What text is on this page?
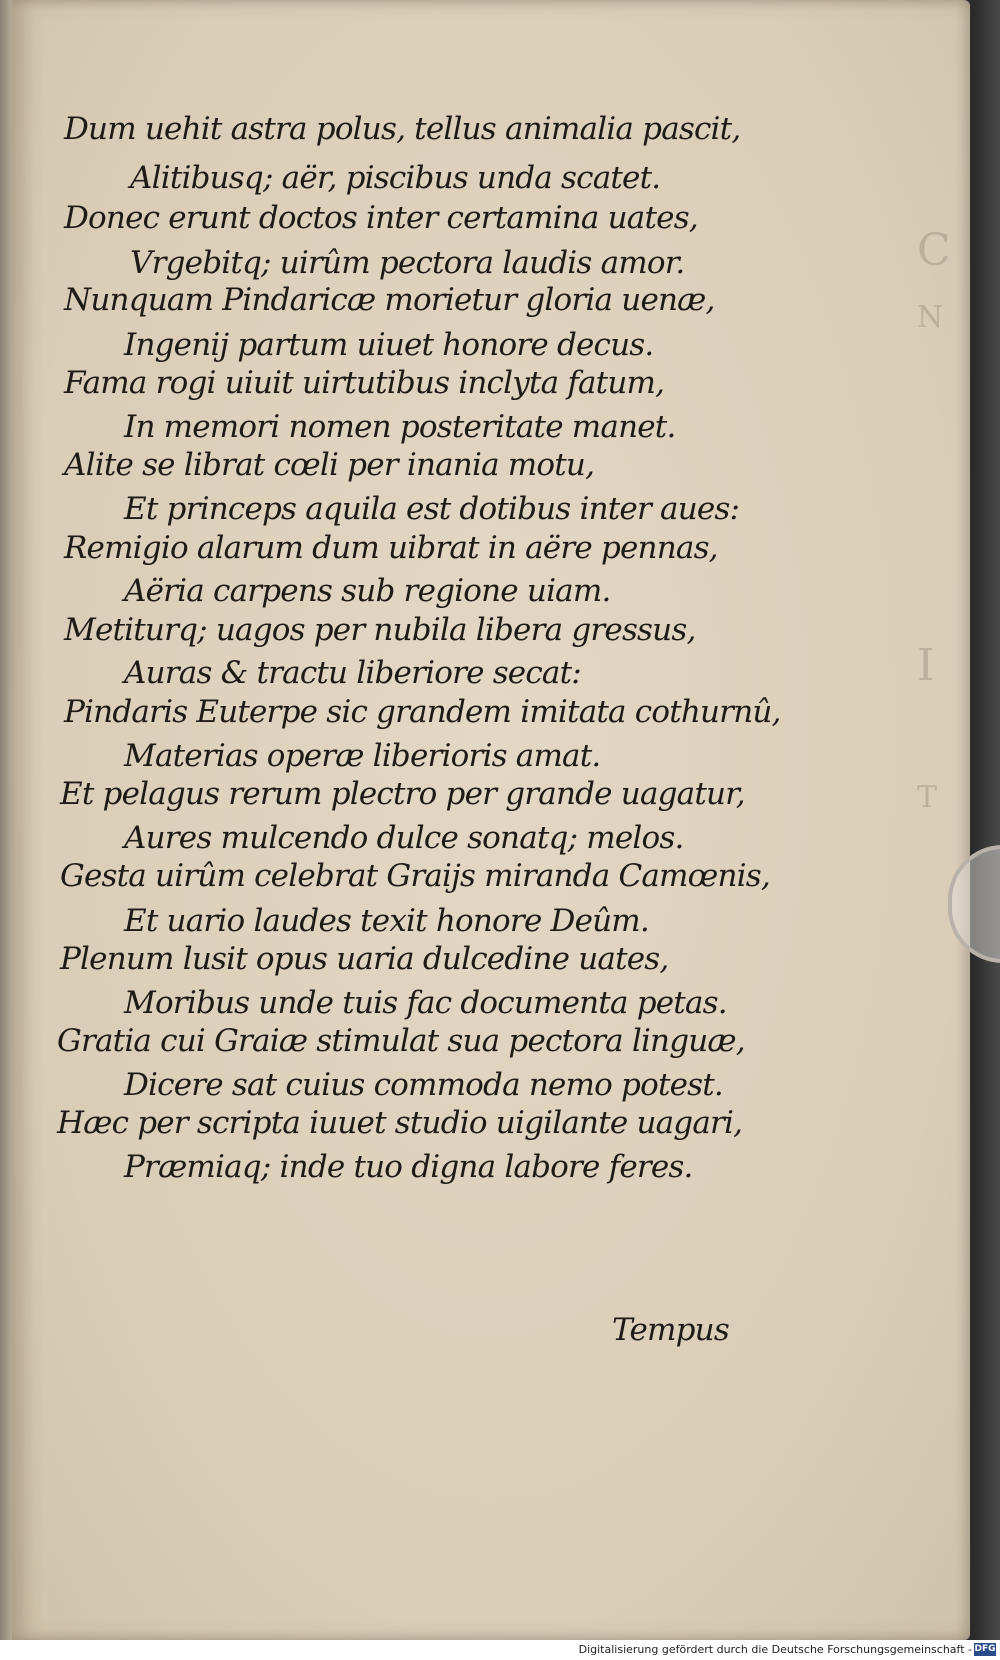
C
N
I
T
Dum uehit astra polus, tellus animalia pascit,
Alitibusq; aër, piscibus unda scatet.
Donec erunt doctos inter certamina uates,
Vrgebitq; uirûm pectora laudis amor.
Nunquam Pindaricæ morietur gloria uenæ,
Ingenij partum uiuet honore decus.
Fama rogi uiuit uirtutibus inclyta fatum,
In memori nomen posteritate manet.
Alite se librat cœli per inania motu,
Et princeps aquila est dotibus inter aues:
Remigio alarum dum uibrat in aëre pennas,
Aëria carpens sub regione uiam.
Metiturq; uagos per nubila libera gressus,
Auras & tractu liberiore secat:
Pindaris Euterpe sic grandem imitata cothurnû,
Materias operæ liberioris amat.
Et pelagus rerum plectro per grande uagatur,
Aures mulcendo dulce sonatq; melos.
Gesta uirûm celebrat Graijs miranda Camœnis,
Et uario laudes texit honore Deûm.
Plenum lusit opus uaria dulcedine uates,
Moribus unde tuis fac documenta petas.
Gratia cui Graiæ stimulat sua pectora linguæ,
Dicere sat cuius commoda nemo potest.
Hæc per scripta iuuet studio uigilante uagari,
Præmiaq; inde tuo digna labore feres.
Tempus
Digitalisierung gefördert durch die Deutsche Forschungsgemeinschaft - DFG
